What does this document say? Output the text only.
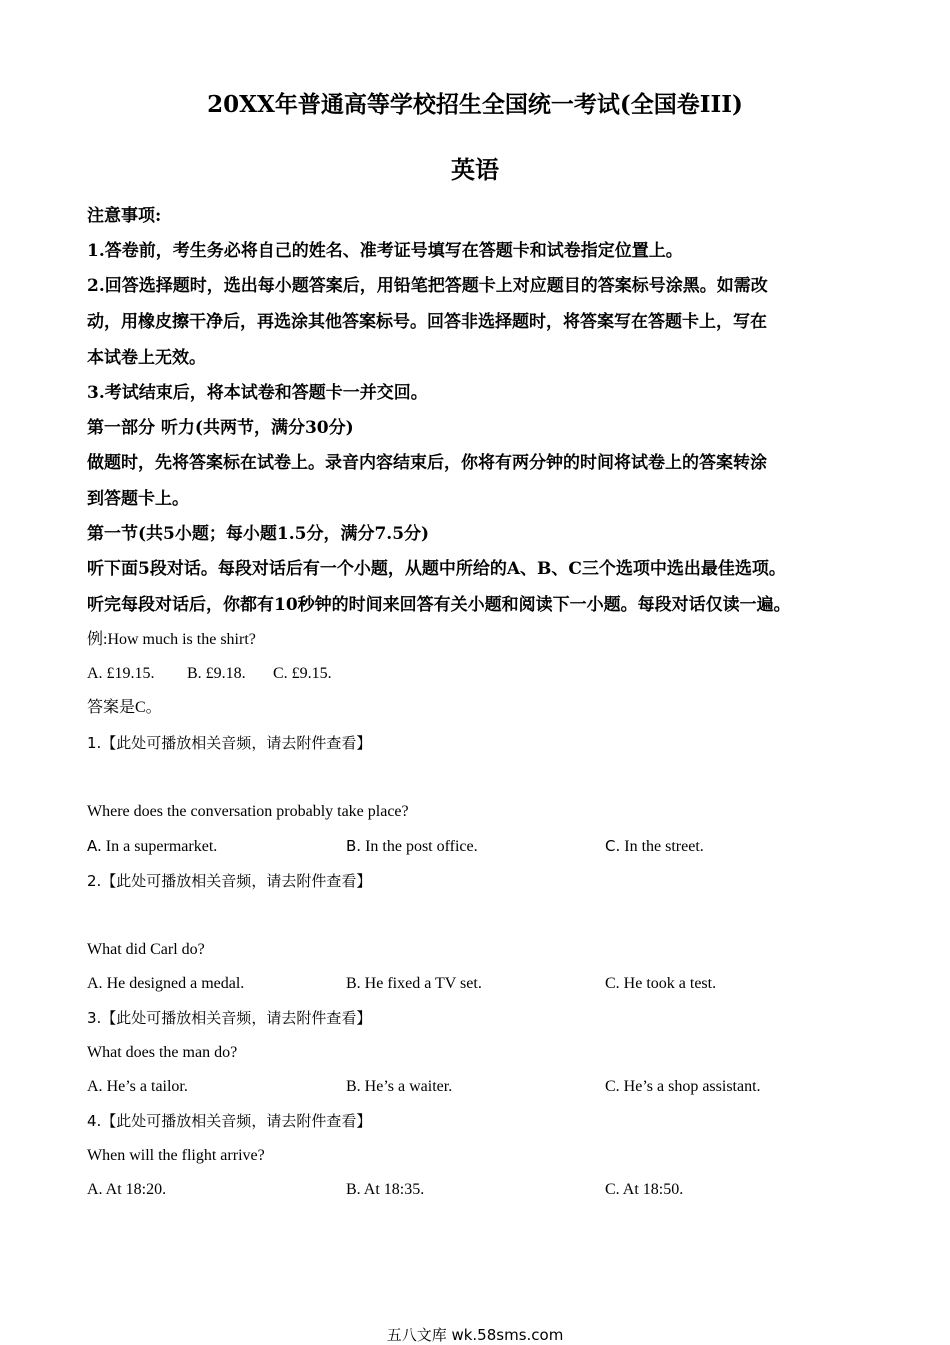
20XX年普通高等学校招生全国统一考试(全国卷III)
英语
注意事项:
1.答卷前，考生务必将自己的姓名、准考证号填写在答题卡和试卷指定位置上。
2.回答选择题时，选出每小题答案后，用铅笔把答题卡上对应题目的答案标号涂黑。如需改
动，用橡皮擦干净后，再选涂其他答案标号。回答非选择题时，将答案写在答题卡上，写在
本试卷上无效。
3.考试结束后，将本试卷和答题卡一并交回。
第一部分 听力(共两节，满分30分)
做题时，先将答案标在试卷上。录音内容结束后，你将有两分钟的时间将试卷上的答案转涂
到答题卡上。
第一节(共5小题；每小题1.5分，满分7.5分)
听下面5段对话。每段对话后有一个小题，从题中所给的A、B、C三个选项中选出最佳选项。
听完每段对话后，你都有10秒钟的时间来回答有关小题和阅读下一小题。每段对话仅读一遍。
例:How much is the shirt?
A. £19.15. B. £9.18. C. £9.15.
答案是C。
1.【此处可播放相关音频，请去附件查看】
Where does the conversation probably take place?
A. In a supermarket.	B. In the post office.	C. In the street.
2.【此处可播放相关音频，请去附件查看】
What did Carl do?
A. He designed a medal.	B. He fixed a TV set.	C. He took a test.
3.【此处可播放相关音频，请去附件查看】
What does the man do?
A. He’s a tailor.	B. He’s a waiter.	C. He’s a shop assistant.
4.【此处可播放相关音频，请去附件查看】
When will the flight arrive?
A. At 18:20.	B. At 18:35.	C. At 18:50.
五八文库 wk.58sms.com
